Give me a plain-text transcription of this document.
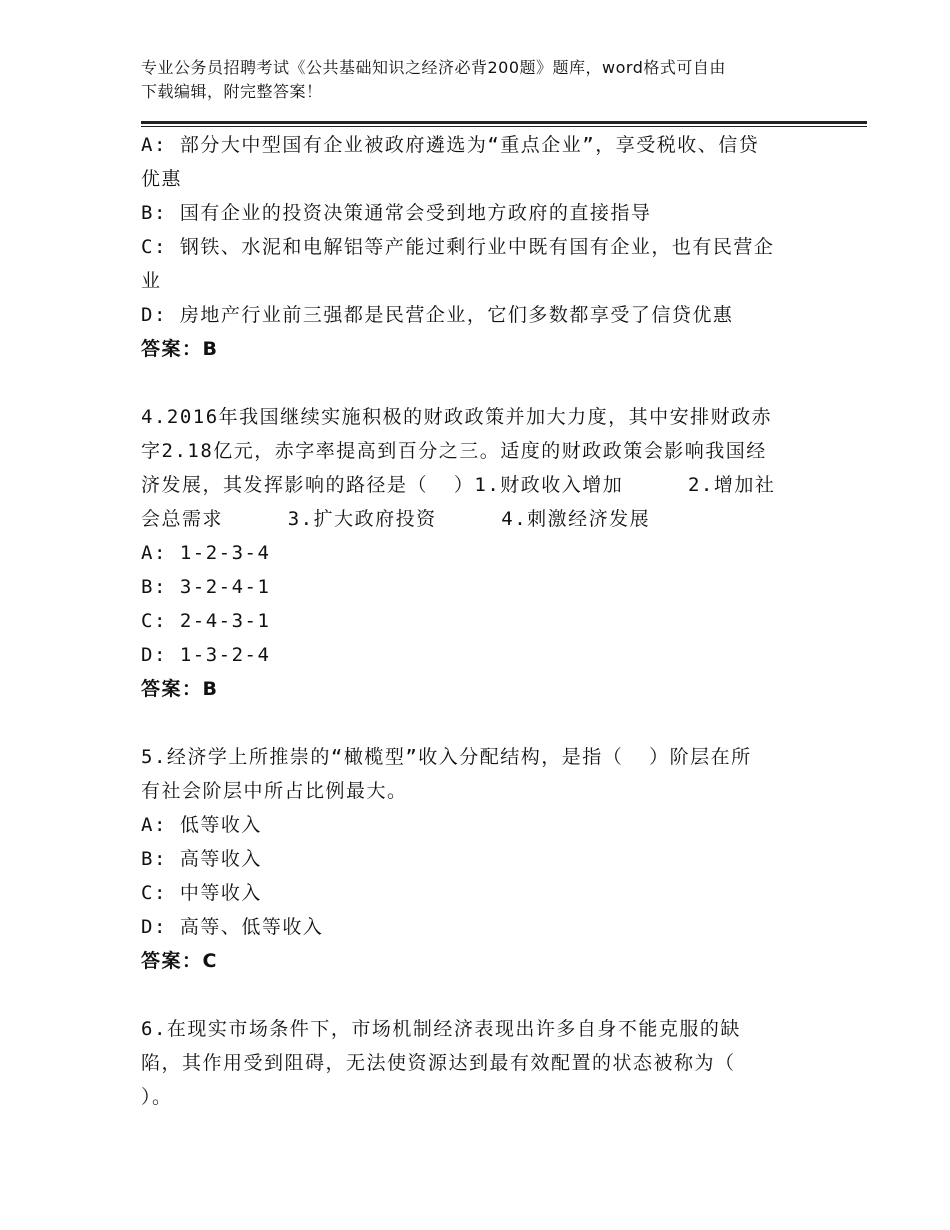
专业公务员招聘考试《公共基础知识之经济必背200题》题库，word格式可自由
下载编辑，附完整答案！
A: 部分大中型国有企业被政府遴选为“重点企业”，享受税收、信贷
优惠
B: 国有企业的投资决策通常会受到地方政府的直接指导
C: 钢铁、水泥和电解铝等产能过剩行业中既有国有企业，也有民营企
业
D: 房地产行业前三强都是民营企业，它们多数都享受了信贷优惠
答案：B
4.2016年我国继续实施积极的财政政策并加大力度，其中安排财政赤
字2.18亿元，赤字率提高到百分之三。适度的财政政策会影响我国经
济发展，其发挥影响的路径是（  ）1.财政收入增加     2.增加社
会总需求     3.扩大政府投资     4.刺激经济发展
A: 1-2-3-4
B: 3-2-4-1
C: 2-4-3-1
D: 1-3-2-4
答案：B
5.经济学上所推崇的“橄榄型”收入分配结构，是指（  ）阶层在所
有社会阶层中所占比例最大。
A: 低等收入
B: 高等收入
C: 中等收入
D: 高等、低等收入
答案：C
6.在现实市场条件下，市场机制经济表现出许多自身不能克服的缺
陷，其作用受到阻碍，无法使资源达到最有效配置的状态被称为（
）。
